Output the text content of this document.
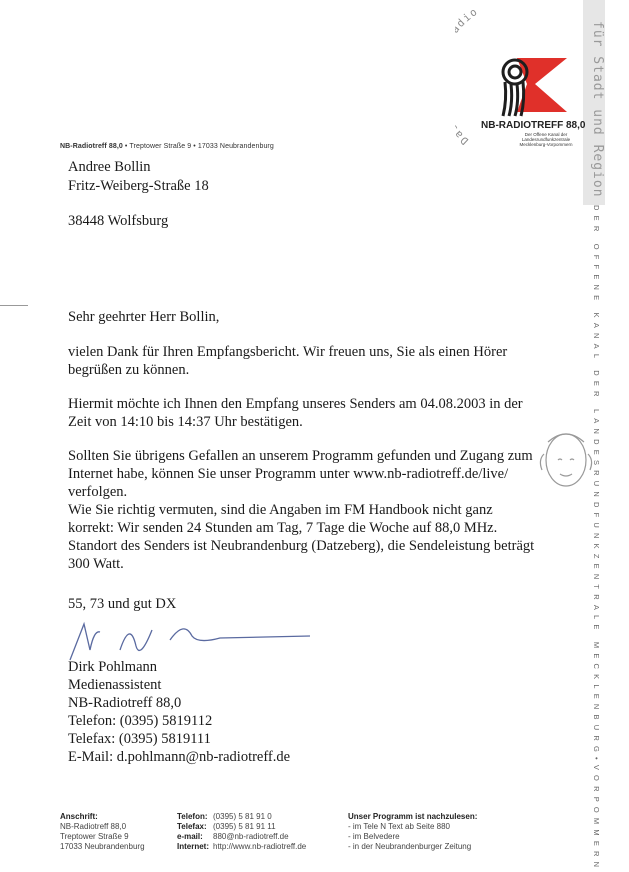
für Stadt und Region
DER OFFENE KANAL DER LANDESRUNDFUNKZENTRALE MECKLENBURG•VORPOMMERN
D dio
NB-RADIOTREFF 88,0
Der Offene Kanal der
Landesrundfunkzentrale
Mecklenburg-Vorpommern
NB-Radiotreff 88,0 • Treptower Straße 9 • 17033 Neubrandenburg
Andree Bollin
Fritz-Weiberg-Straße 18
38448 Wolfsburg

Sehr geehrter Herr Bollin,

vielen Dank für Ihren Empfangsbericht. Wir freuen uns, Sie als einen Hörer

begrüßen zu können.

Hiermit möchte ich Ihnen den Empfang unseres Senders am 04.08.2003 in der

Zeit von 14:10 bis 14:37 Uhr bestätigen.

Sollten Sie übrigens Gefallen an unserem Programm gefunden und Zugang zum

Internet habe, können Sie unser Programm unter www.nb-radiotreff.de/live/

verfolgen.

Wie Sie richtig vermuten, sind die Angaben im FM Handbook nicht ganz

korrekt: Wir senden 24 Stunden am Tag, 7 Tage die Woche auf 88,0 MHz.

Standort des Senders ist Neubrandenburg (Datzeberg), die Sendeleistung beträgt

300 Watt.

55, 73 und gut DX

Dirk Pohlmann
Medienassistent
NB-Radiotreff 88,0
Telefon: (0395) 5819112
Telefax: (0395) 5819111
E-Mail: d.pohlmann@nb-radiotreff.de
Anschrift:
NB-Radiotreff 88,0
Treptower Straße 9
17033 Neubrandenburg
Telefon:	(0395) 5 81 91 0
Telefax:	(0395) 5 81 91 11
e-mail:	880@nb-radiotreff.de
Internet:	http://www.nb-radiotreff.de
Unser Programm ist nachzulesen:
- im Tele N Text ab Seite 880
- im Belvedere
- in der Neubrandenburger Zeitung
